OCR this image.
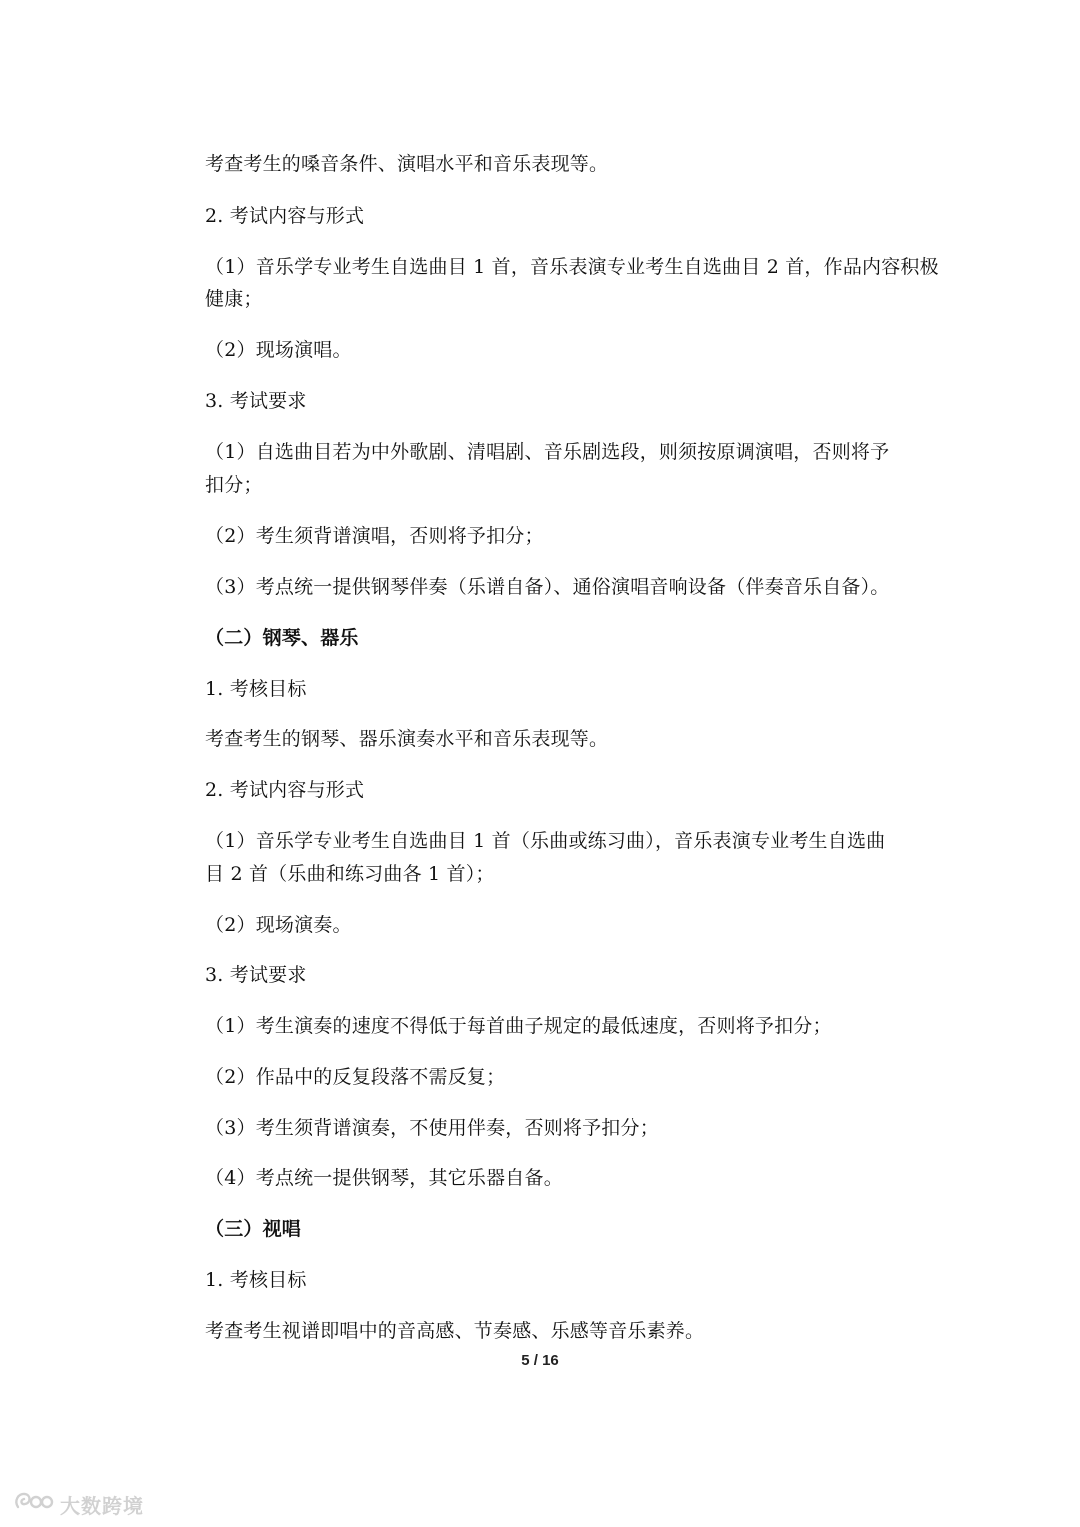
考查考生的嗓音条件、演唱水平和音乐表现等。
2. 考试内容与形式
（1）音乐学专业考生自选曲目 1 首，音乐表演专业考生自选曲目 2 首，作品内容积极
健康；
（2）现场演唱。
3. 考试要求
（1）自选曲目若为中外歌剧、清唱剧、音乐剧选段，则须按原调演唱，否则将予
扣分；
（2）考生须背谱演唱，否则将予扣分；
（3）考点统一提供钢琴伴奏（乐谱自备）、通俗演唱音响设备（伴奏音乐自备）。
（二）钢琴、器乐
1. 考核目标
考查考生的钢琴、器乐演奏水平和音乐表现等。
2. 考试内容与形式
（1）音乐学专业考生自选曲目 1 首（乐曲或练习曲），音乐表演专业考生自选曲
目 2 首（乐曲和练习曲各 1 首）；
（2）现场演奏。
3. 考试要求
（1）考生演奏的速度不得低于每首曲子规定的最低速度，否则将予扣分；
（2）作品中的反复段落不需反复；
（3）考生须背谱演奏，不使用伴奏，否则将予扣分；
（4）考点统一提供钢琴，其它乐器自备。
（三）视唱
1. 考核目标
考查考生视谱即唱中的音高感、节奏感、乐感等音乐素养。
5 / 16
大数跨境
